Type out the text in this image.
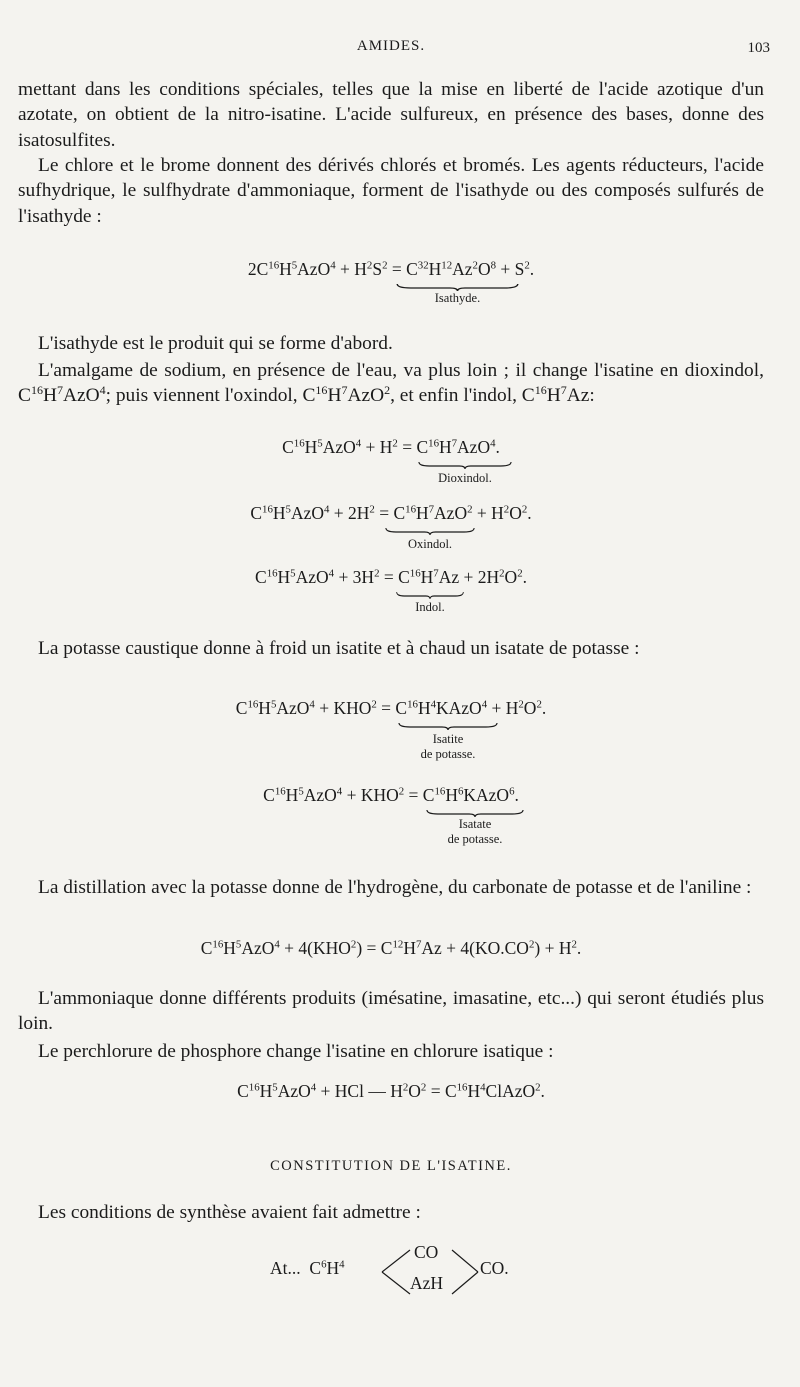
AMIDES.	103

mettant dans les conditions spéciales, telles que la mise en liberté de l'acide azotique d'un azotate, on obtient de la nitro-isatine. L'acide sulfureux, en présence des bases, donne des isatosulfites.

Le chlore et le brome donnent des dérivés chlorés et bromés. Les agents réducteurs, l'acide sufhydrique, le sulfhydrate d'ammoniaque, forment de l'isathyde ou des composés sulfurés de l'isathyde :

$2C^{16}H^5AzO^4 + H^2S^2 = C^{32}H^{12}Az^2O^8 + S^2$.
Isathyde.

L'isathyde est le produit qui se forme d'abord.

L'amalgame de sodium, en présence de l'eau, va plus loin ; il change l'isatine en dioxindol, $C^{16}H^7AzO^4$; puis viennent l'oxindol, $C^{16}H^7AzO^2$, et enfin l'indol, $C^{16}H^7Az$:

$C^{16}H^5AzO^4 + H^2 = C^{16}H^7AzO^4$.
Dioxindol.
$C^{16}H^5AzO^4 + 2H^2 = C^{16}H^7AzO^2 + H^2O^2$.
Oxindol.
$C^{16}H^5AzO^4 + 3H^2 = C^{16}H^7Az + 2H^2O^2$.
Indol.

La potasse caustique donne à froid un isatite et à chaud un isatate de potasse :

$C^{16}H^5AzO^4 + KHO^2$ = $C^{16}H^4KAzO^4 + H^2O^2$.
Isatite
de potasse.
$C^{16}H^5AzO^4 + KHO^2$ = $C^{16}H^6KAzO^6$.
Isatate
de potasse.

La distillation avec la potasse donne de l'hydrogène, du carbonate de potasse et de l'aniline :

$C^{16}H^5AzO^4 + 4(KHO^2) = C^{12}H^7Az + 4(KO.CO^2) + H^2$.

L'ammoniaque donne différents produits (imésatine, imasatine, etc...) qui seront étudiés plus loin.

Le perchlorure de phosphore change l'isatine en chlorure isatique :

$C^{16}H^5AzO^4$ + HCl — $H^2O^2$ = $C^{16}H^4ClAzO^2$.
CONSTITUTION DE L'ISATINE.

Les conditions de synthèse avaient fait admettre :

At...  $C^6H^4$
CO
AzH
CO.
